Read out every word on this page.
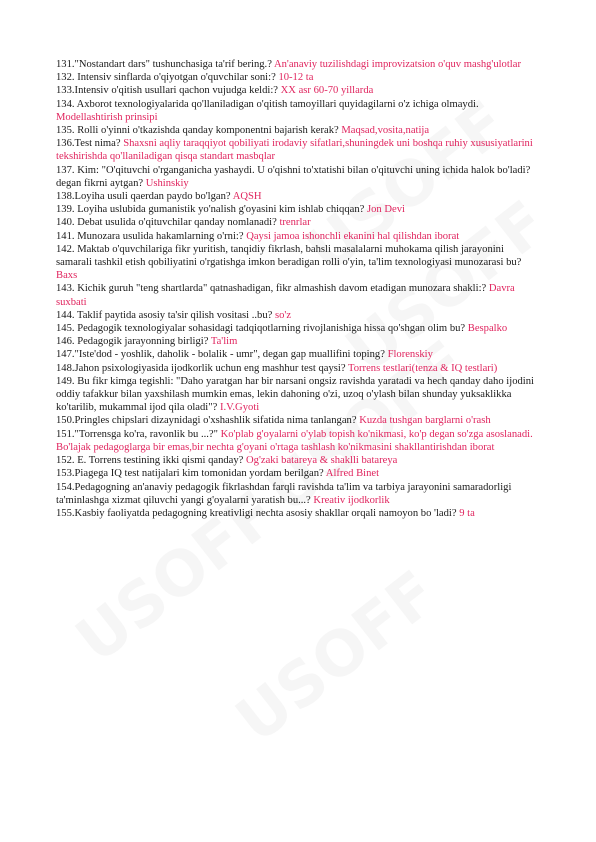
131."Nostandart dars" tushunchasiga ta'rif bering.? An'anaviy tuzilishdagi improvizatsion o'quv mashg'ulotlar

132. Intensiv sinflarda o'qiyotgan o'quvchilar soni:? 10-12 ta

133.Intensiv o'qitish usullari qachon vujudga keldi:? XX asr 60-70 yillarda

134. Axborot texnologiyalarida qo'llaniladigan o'qitish tamoyillari quyidagilarni o'z ichiga olmaydi. Modellashtirish prinsipi

135. Rolli o'yinni o'tkazishda qanday komponentni bajarish kerak? Maqsad,vosita,natija

136.Test nima? Shaxsni aqliy taraqqiyot qobiliyati irodaviy sifatlari,shuningdek uni boshqa ruhiy xususiyatlarini tekshirishda qo'llaniladigan qisqa standart masbqlar

137. Kim: "O'qituvchi o'rganganicha yashaydi. U o'qishni to'xtatishi bilan o'qituvchi uning ichida halok bo'ladi? degan fikrni aytgan? Ushinskiy

138.Loyiha usuli qaerdan paydo bo'lgan? AQSH

139. Loyiha uslubida gumanistik yo'nalish g'oyasini kim ishlab chiqqan? Jon Devi

140. Debat usulida o'qituvchilar qanday nomlanadi? trenrlar

141. Munozara usulida hakamlarning o'rni:? Qaysi jamoa ishonchli ekanini hal qilishdan iborat

142. Maktab o'quvchilariga fikr yuritish, tanqidiy fikrlash, bahsli masalalarni muhokama qilish jarayonini samarali tashkil etish qobiliyatini o'rgatishga imkon beradigan rolli o'yin, ta'lim texnologiyasi munozarasi bu? Baxs

143. Kichik guruh "teng shartlarda" qatnashadigan, fikr almashish davom etadigan munozara shakli:? Davra suxbati

144. Taklif paytida asosiy ta'sir qilish vositasi ..bu? so'z

145. Pedagogik texnologiyalar sohasidagi tadqiqotlarning rivojlanishiga hissa qo'shgan olim bu? Bespalko

146. Pedagogik jarayonning birligi? Ta'lim

147."Iste'dod - yoshlik, daholik - bolalik - umr", degan gap muallifini toping? Florenskiy

148.Jahon psixologiyasida ijodkorlik uchun eng mashhur test qaysi? Torrens testlari(tenza & IQ testlari)

149. Bu fikr kimga tegishli: "Daho yaratgan har bir narsani ongsiz ravishda yaratadi va hech qanday daho ijodini oddiy tafakkur bilan yaxshilash mumkin emas, lekin dahoning o'zi, uzoq o'ylash bilan shunday yuksaklikka ko'tarilib, mukammal ijod qila oladi"? I.V.Gyoti

150.Pringles chipslari dizaynidagi o'xshashlik sifatida nima tanlangan? Kuzda tushgan barglarni o'rash

151."Torrensga ko'ra, ravonlik bu ...?" Ko'plab g'oyalarni o'ylab topish ko'nikmasi, ko'p degan so'zga asoslanadi. Bo'lajak pedagoglarga bir emas,bir nechta g'oyani o'rtaga tashlash ko'nikmasini shakllantirishdan iborat

152. E. Torrens testining ikki qismi qanday? Og'zaki batareya & shaklli batareya

153.Piagega IQ test natijalari kim tomonidan yordam berilgan? Alfred Binet

154.Pedagogning an'anaviy pedagogik fikrlashdan farqli ravishda ta'lim va tarbiya jarayonini samaradorligi ta'minlashga xizmat qiluvchi yangi g'oyalarni yaratish bu...? Kreativ ijodkorlik

155.Kasbiy faoliyatda pedagogning kreativligi nechta asosiy shakllar orqali namoyon bo 'ladi? 9 ta
